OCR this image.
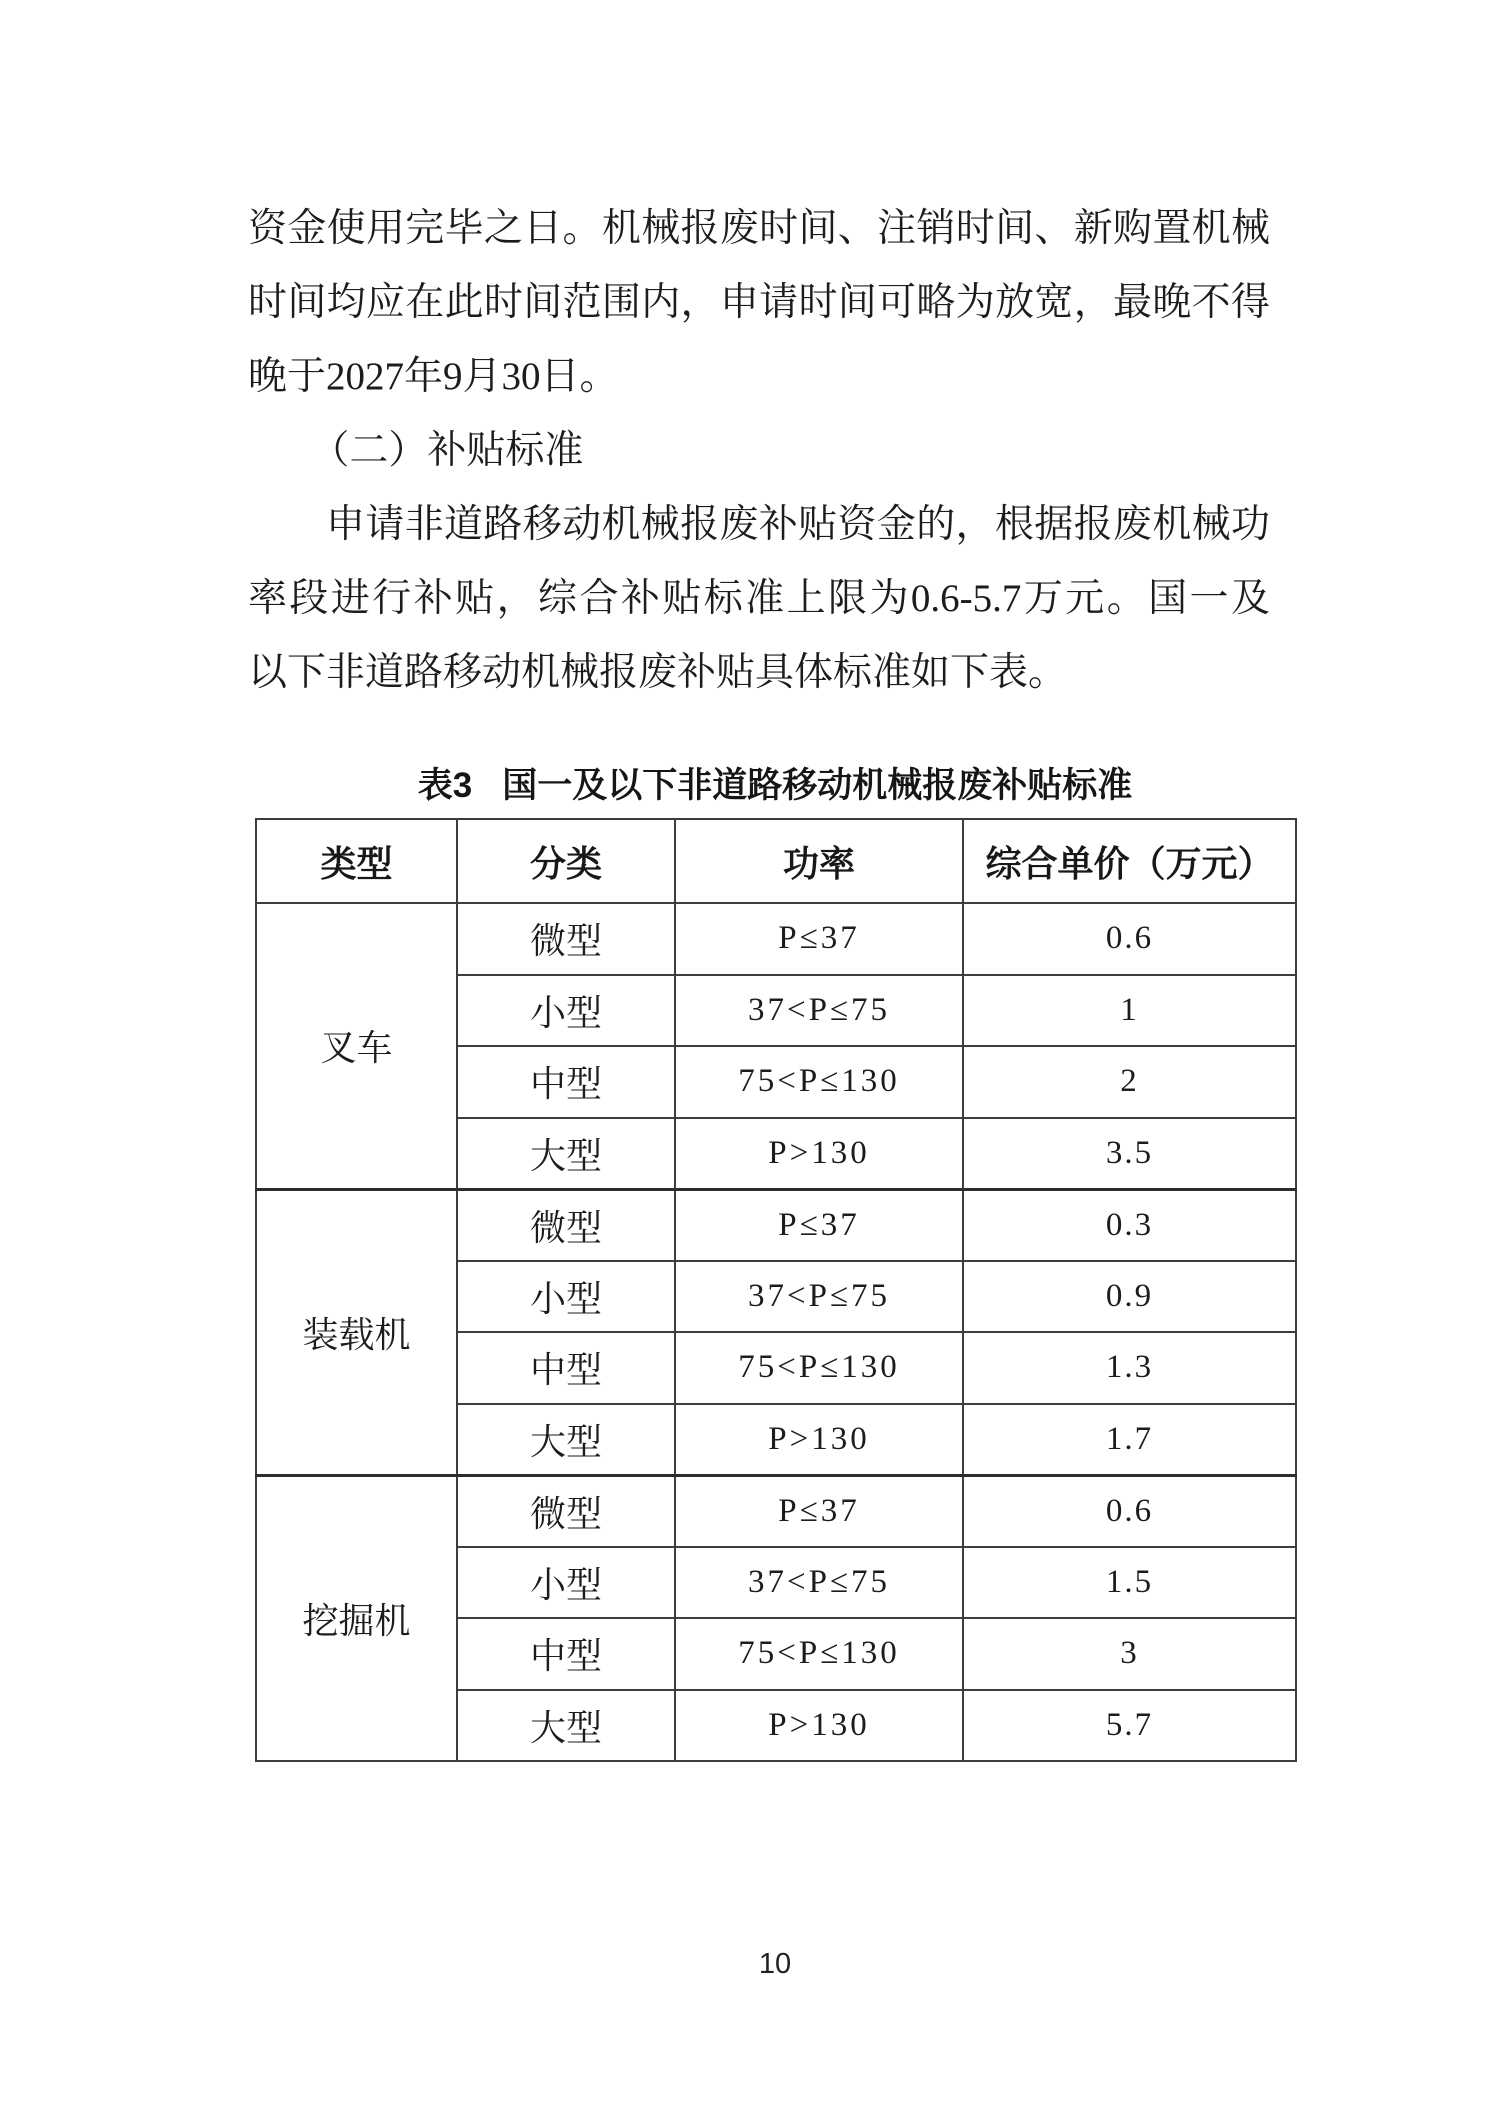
资金使用完毕之日。机械报废时间、注销时间、新购置机械
时间均应在此时间范围内，申请时间可略为放宽，最晚不得
晚于2027年9月30日。
（二）补贴标准
申请非道路移动机械报废补贴资金的，根据报废机械功
率段进行补贴，综合补贴标准上限为0.6-5.7万元。国一及
以下非道路移动机械报废补贴具体标准如下表。
表3 国一及以下非道路移动机械报废补贴标准
类型	分类	功率	综合单价（万元）
叉车	微型	P≤37	0.6
	小型	37<P≤75	1
	中型	75<P≤130	2
	大型	P>130	3.5
装载机	微型	P≤37	0.3
	小型	37<P≤75	0.9
	中型	75<P≤130	1.3
	大型	P>130	1.7
挖掘机	微型	P≤37	0.6
	小型	37<P≤75	1.5
	中型	75<P≤130	3
	大型	P>130	5.7
10
